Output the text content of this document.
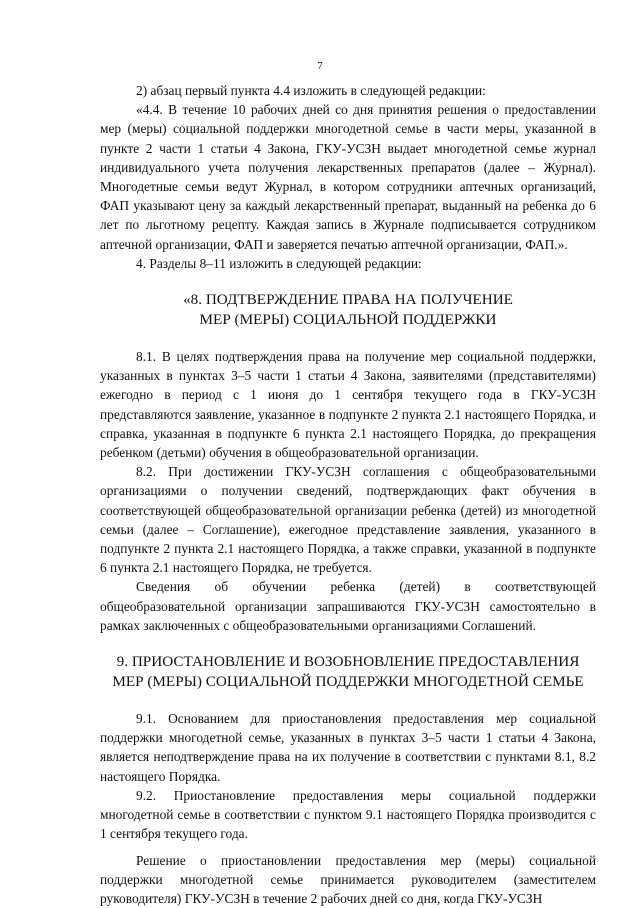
7

2) абзац первый пункта 4.4 изложить в следующей редакции:

«4.4. В течение 10 рабочих дней со дня принятия решения о предоставлении мер (меры) социальной поддержки многодетной семье в части меры, указанной в пункте 2 части 1 статьи 4 Закона, ГКУ-УСЗН выдает многодетной семье журнал индивидуального учета получения лекарственных препаратов (далее – Журнал). Многодетные семьи ведут Журнал, в котором сотрудники аптечных организаций, ФАП указывают цену за каждый лекарственный препарат, выданный на ребенка до 6 лет по льготному рецепту. Каждая запись в Журнале подписывается сотрудником аптечной организации, ФАП и заверяется печатью аптечной организации, ФАП.».

4. Разделы 8–11 изложить в следующей редакции:

«8. ПОДТВЕРЖДЕНИЕ ПРАВА НА ПОЛУЧЕНИЕ
МЕР (МЕРЫ) СОЦИАЛЬНОЙ ПОДДЕРЖКИ

8.1. В целях подтверждения права на получение мер социальной поддержки, указанных в пунктах 3–5 части 1 статьи 4 Закона, заявителями (представителями) ежегодно в период с 1 июня до 1 сентября текущего года в ГКУ-УСЗН представляются заявление, указанное в подпункте 2 пункта 2.1 настоящего Порядка, и справка, указанная в подпункте 6 пункта 2.1 настоящего Порядка, до прекращения ребенком (детьми) обучения в общеобразовательной организации.

8.2. При достижении ГКУ-УСЗН соглашения с общеобразовательными организациями о получении сведений, подтверждающих факт обучения в соответствующей общеобразовательной организации ребенка (детей) из многодетной семьи (далее – Соглашение), ежегодное представление заявления, указанного в подпункте 2 пункта 2.1 настоящего Порядка, а также справки, указанной в подпункте 6 пункта 2.1 настоящего Порядка, не требуется.

Сведения об обучении ребенка (детей) в соответствующей общеобразовательной организации запрашиваются ГКУ-УСЗН самостоятельно в рамках заключенных с общеобразовательными организациями Соглашений.

9. ПРИОСТАНОВЛЕНИЕ И ВОЗОБНОВЛЕНИЕ ПРЕДОСТАВЛЕНИЯ
МЕР (МЕРЫ) СОЦИАЛЬНОЙ ПОДДЕРЖКИ МНОГОДЕТНОЙ СЕМЬЕ

9.1. Основанием для приостановления предоставления мер социальной поддержки многодетной семье, указанных в пунктах 3–5 части 1 статьи 4 Закона, является неподтверждение права на их получение в соответствии с пунктами 8.1, 8.2 настоящего Порядка.

9.2. Приостановление предоставления меры социальной поддержки многодетной семье в соответствии с пунктом 9.1 настоящего Порядка производится с 1 сентября текущего года.

Решение о приостановлении предоставления мер (меры) социальной поддержки многодетной семье принимается руководителем (заместителем руководителя) ГКУ-УСЗН в течение 2 рабочих дней со дня, когда ГКУ-УСЗН
